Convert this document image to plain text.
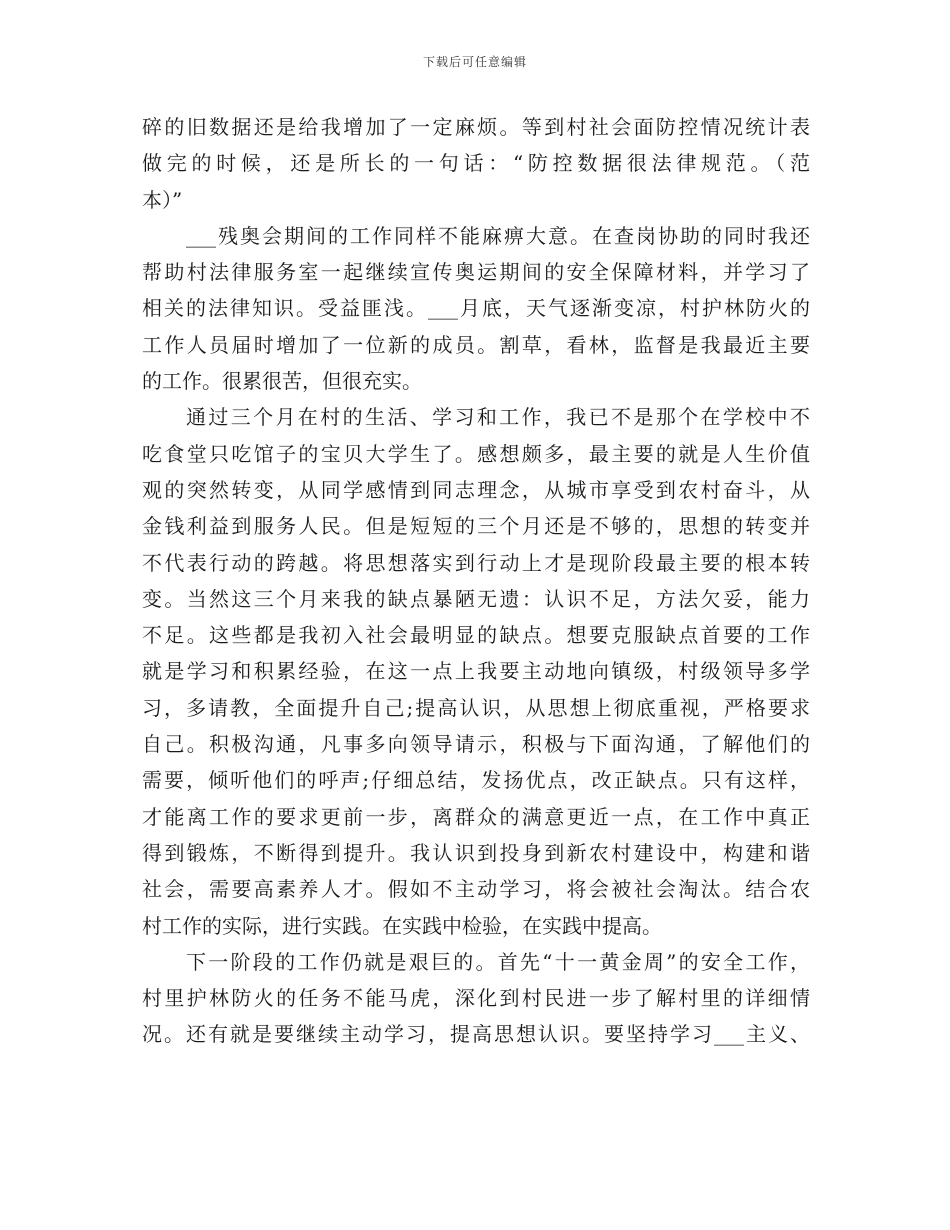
下载后可任意编辑
碎的旧数据还是给我增加了一定麻烦。等到村社会面防控情况统计表
做完的时候，还是所长的一句话：“防控数据很法律规范。（范
本）”
___残奥会期间的工作同样不能麻痹大意。在查岗协助的同时我还
帮助村法律服务室一起继续宣传奥运期间的安全保障材料，并学习了
相关的法律知识。受益匪浅。___月底，天气逐渐变凉，村护林防火的
工作人员届时增加了一位新的成员。割草，看林，监督是我最近主要
的工作。很累很苦，但很充实。
通过三个月在村的生活、学习和工作，我已不是那个在学校中不
吃食堂只吃馆子的宝贝大学生了。感想颇多，最主要的就是人生价值
观的突然转变，从同学感情到同志理念，从城市享受到农村奋斗，从
金钱利益到服务人民。但是短短的三个月还是不够的，思想的转变并
不代表行动的跨越。将思想落实到行动上才是现阶段最主要的根本转
变。当然这三个月来我的缺点暴陋无遗：认识不足，方法欠妥，能力
不足。这些都是我初入社会最明显的缺点。想要克服缺点首要的工作
就是学习和积累经验，在这一点上我要主动地向镇级，村级领导多学
习，多请教，全面提升自己;提高认识，从思想上彻底重视，严格要求
自己。积极沟通，凡事多向领导请示，积极与下面沟通，了解他们的
需要，倾听他们的呼声;仔细总结，发扬优点，改正缺点。只有这样，
才能离工作的要求更前一步，离群众的满意更近一点，在工作中真正
得到锻炼，不断得到提升。我认识到投身到新农村建设中，构建和谐
社会，需要高素养人才。假如不主动学习，将会被社会淘汰。结合农
村工作的实际，进行实践。在实践中检验，在实践中提高。
下一阶段的工作仍就是艰巨的。首先“十一黄金周”的安全工作，
村里护林防火的任务不能马虎，深化到村民进一步了解村里的详细情
况。还有就是要继续主动学习，提高思想认识。要坚持学习___主义、
